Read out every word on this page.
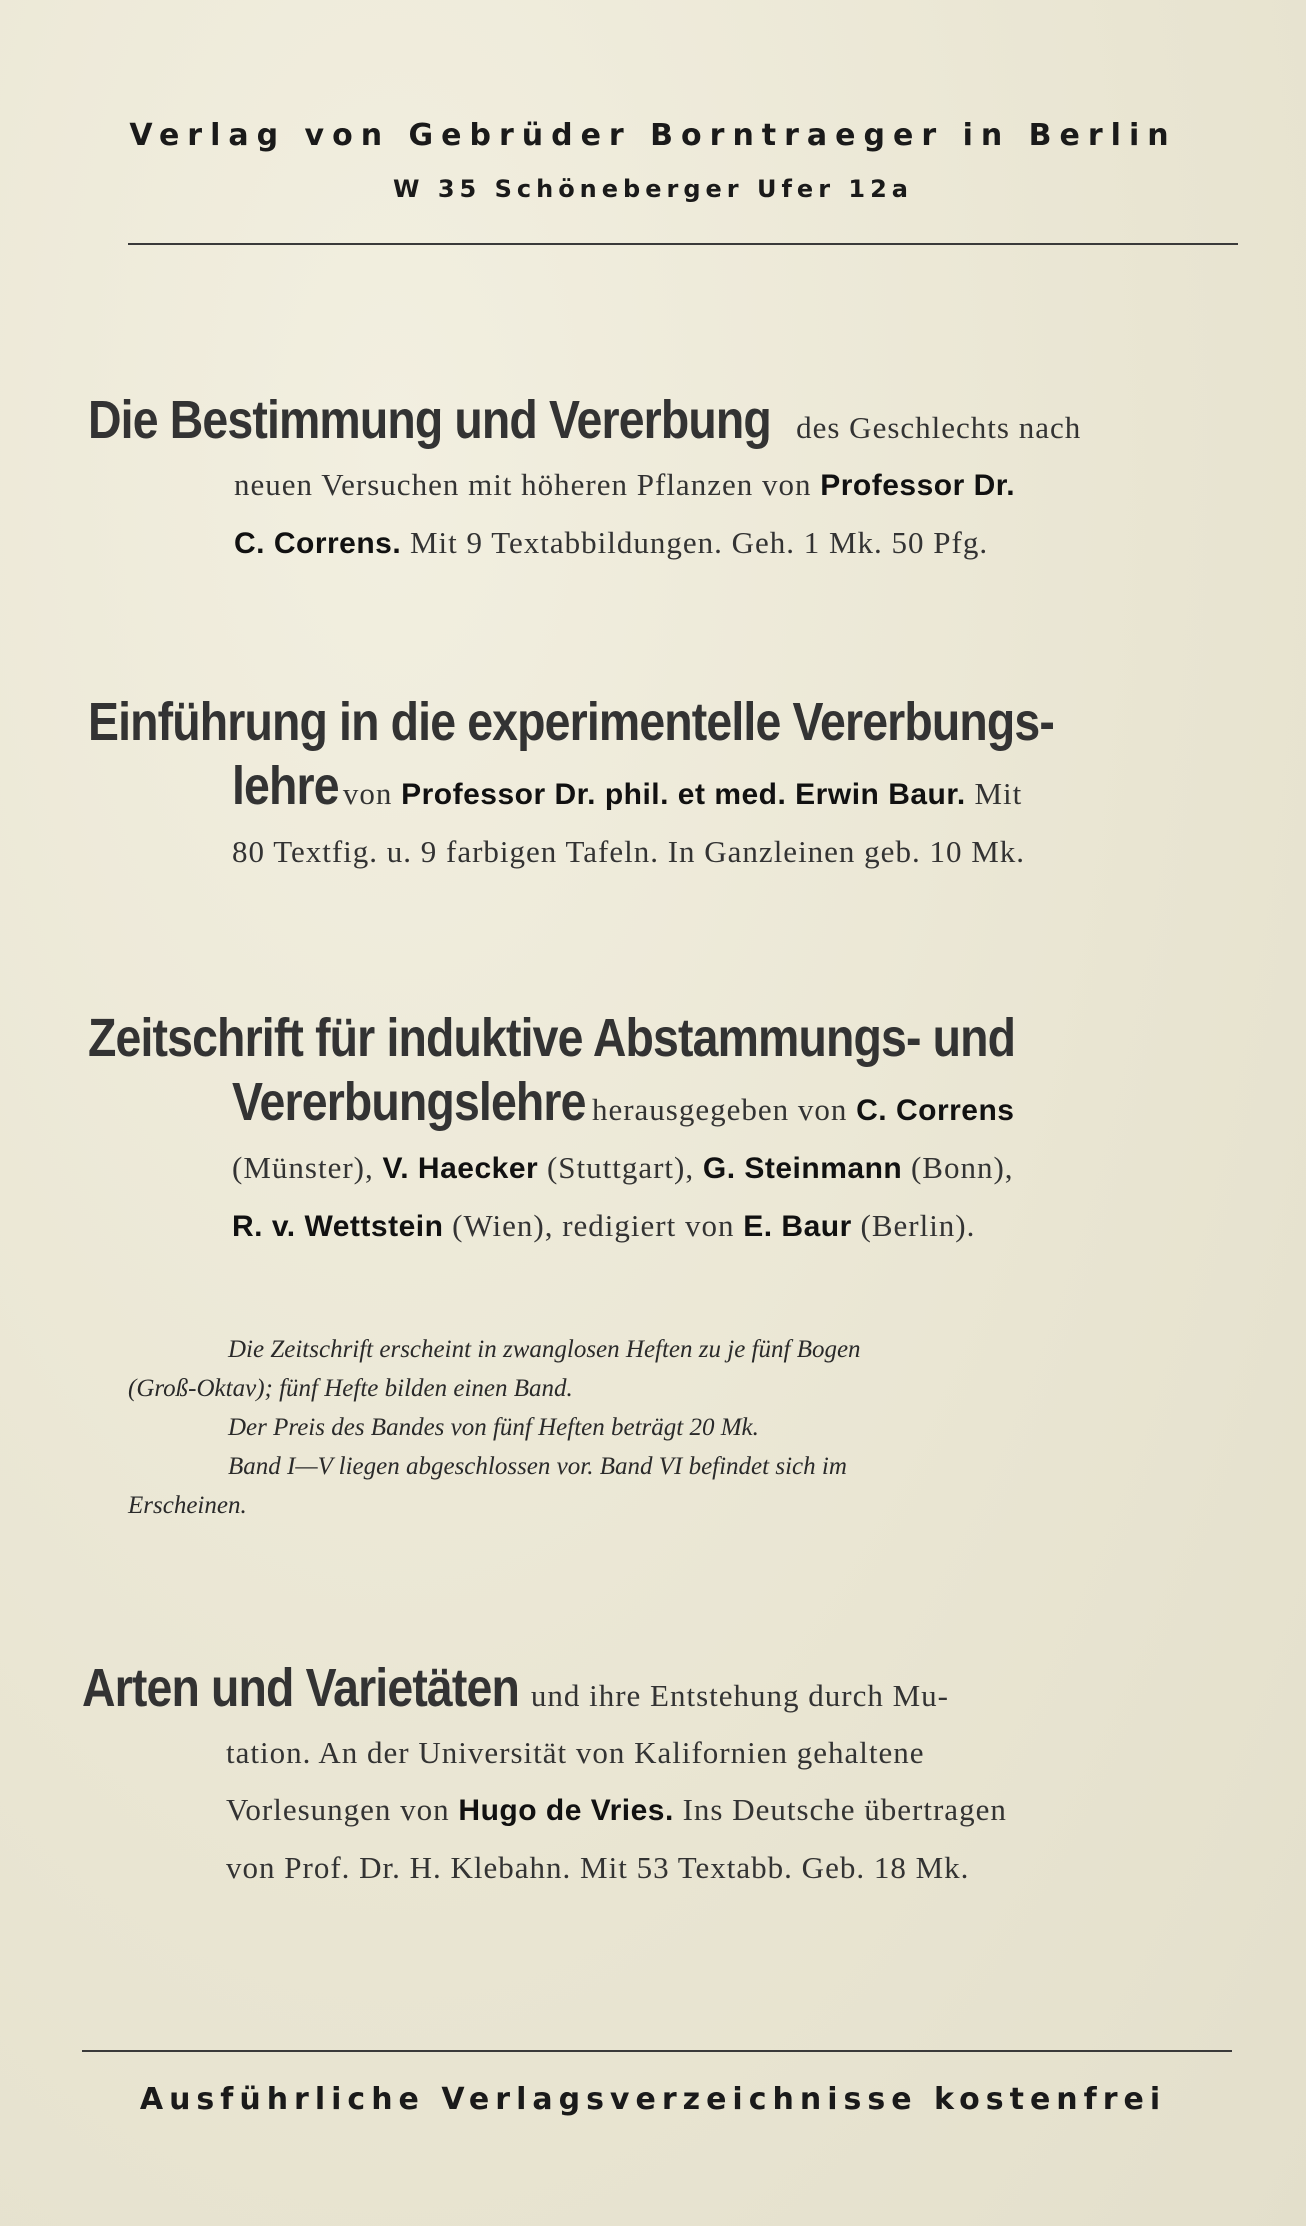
Verlag von Gebrüder Borntraeger in Berlin
W 35 Schöneberger Ufer 12a
Die Bestimmung und Vererbung des Geschlechts nach
neuen Versuchen mit höheren Pflanzen von Professor Dr.
C. Correns. Mit 9 Textabbildungen. Geh. 1 Mk. 50 Pfg.
Einführung in die experimentelle Vererbungs-
lehre von Professor Dr. phil. et med. Erwin Baur. Mit
80 Textfig. u. 9 farbigen Tafeln. In Ganzleinen geb. 10 Mk.
Zeitschrift für induktive Abstammungs- und
Vererbungslehre herausgegeben von C. Correns
(Münster), V. Haecker (Stuttgart), G. Steinmann (Bonn),
R. v. Wettstein (Wien), redigiert von E. Baur (Berlin).

Die Zeitschrift erscheint in zwanglosen Heften zu je fünf Bogen

(Groß-Oktav); fünf Hefte bilden einen Band.

Der Preis des Bandes von fünf Heften beträgt 20 Mk.

Band I—V liegen abgeschlossen vor. Band VI befindet sich im

Erscheinen.

Arten und Varietäten und ihre Entstehung durch Mu-
tation. An der Universität von Kalifornien gehaltene
Vorlesungen von Hugo de Vries. Ins Deutsche übertragen
von Prof. Dr. H. Klebahn. Mit 53 Textabb. Geb. 18 Mk.
Ausführliche Verlagsverzeichnisse kostenfrei
